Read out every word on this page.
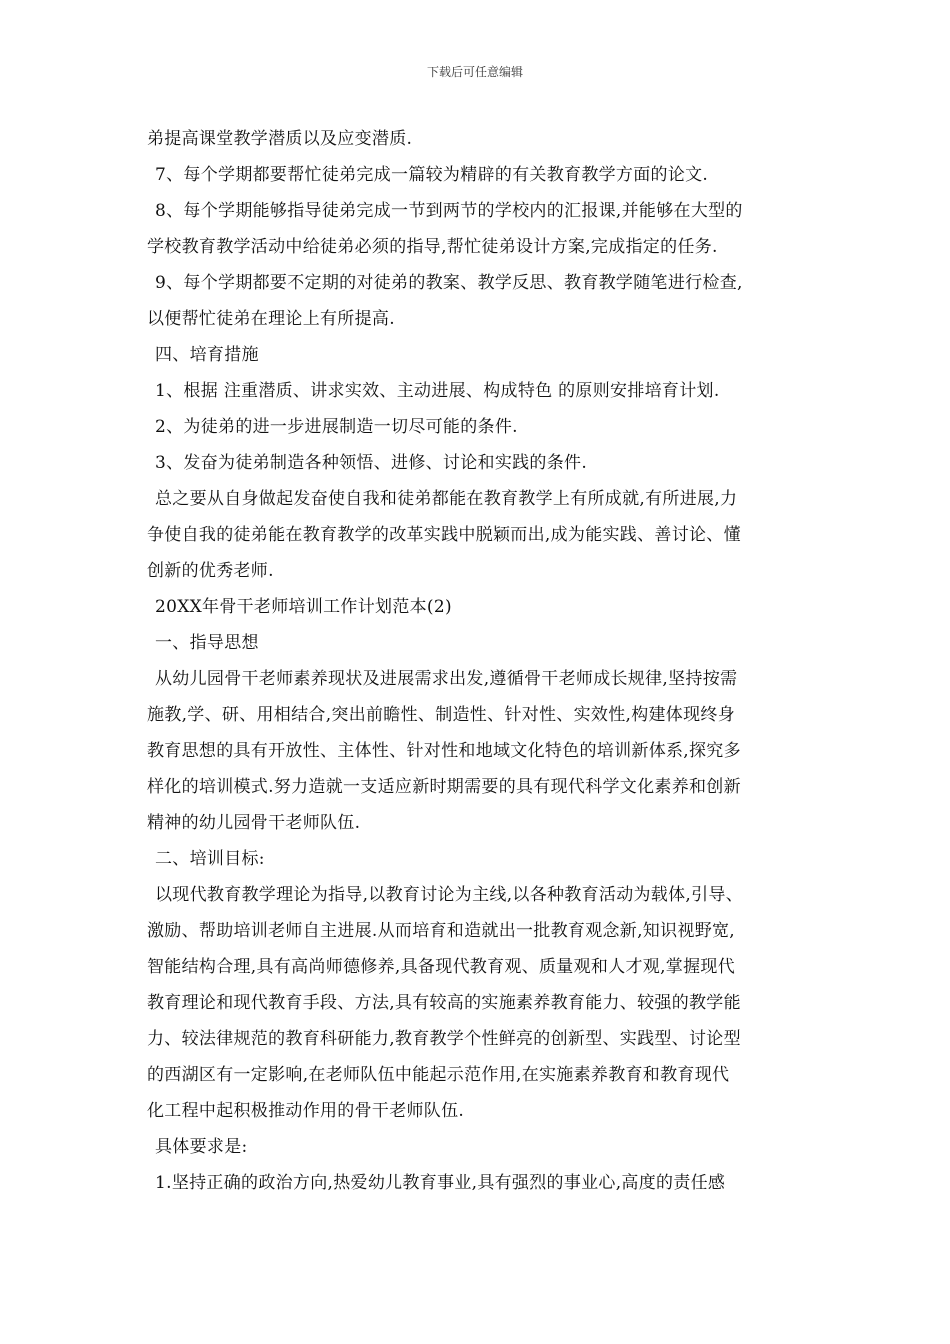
下载后可任意编辑
弟提高课堂教学潜质以及应变潜质.
7、每个学期都要帮忙徒弟完成一篇较为精辟的有关教育教学方面的论文.
8、每个学期能够指导徒弟完成一节到两节的学校内的汇报课,并能够在大型的
学校教育教学活动中给徒弟必须的指导,帮忙徒弟设计方案,完成指定的任务.
9、每个学期都要不定期的对徒弟的教案、教学反思、教育教学随笔进行检查,
以便帮忙徒弟在理论上有所提高.
四、培育措施
1、根据 注重潜质、讲求实效、主动进展、构成特色 的原则安排培育计划.
2、为徒弟的进一步进展制造一切尽可能的条件.
3、发奋为徒弟制造各种领悟、进修、讨论和实践的条件.
总之要从自身做起发奋使自我和徒弟都能在教育教学上有所成就,有所进展,力
争使自我的徒弟能在教育教学的改革实践中脱颖而出,成为能实践、善讨论、懂
创新的优秀老师.
20XX年骨干老师培训工作计划范本(2)
一、指导思想
从幼儿园骨干老师素养现状及进展需求出发,遵循骨干老师成长规律,坚持按需
施教,学、研、用相结合,突出前瞻性、制造性、针对性、实效性,构建体现终身
教育思想的具有开放性、主体性、针对性和地域文化特色的培训新体系,探究多
样化的培训模式.努力造就一支适应新时期需要的具有现代科学文化素养和创新
精神的幼儿园骨干老师队伍.
二、培训目标:
以现代教育教学理论为指导,以教育讨论为主线,以各种教育活动为载体,引导、
激励、帮助培训老师自主进展.从而培育和造就出一批教育观念新,知识视野宽,
智能结构合理,具有高尚师德修养,具备现代教育观、质量观和人才观,掌握现代
教育理论和现代教育手段、方法,具有较高的实施素养教育能力、较强的教学能
力、较法律规范的教育科研能力,教育教学个性鲜亮的创新型、实践型、讨论型
的西湖区有一定影响,在老师队伍中能起示范作用,在实施素养教育和教育现代
化工程中起积极推动作用的骨干老师队伍.
具体要求是:
1.坚持正确的政治方向,热爱幼儿教育事业,具有强烈的事业心,高度的责任感
